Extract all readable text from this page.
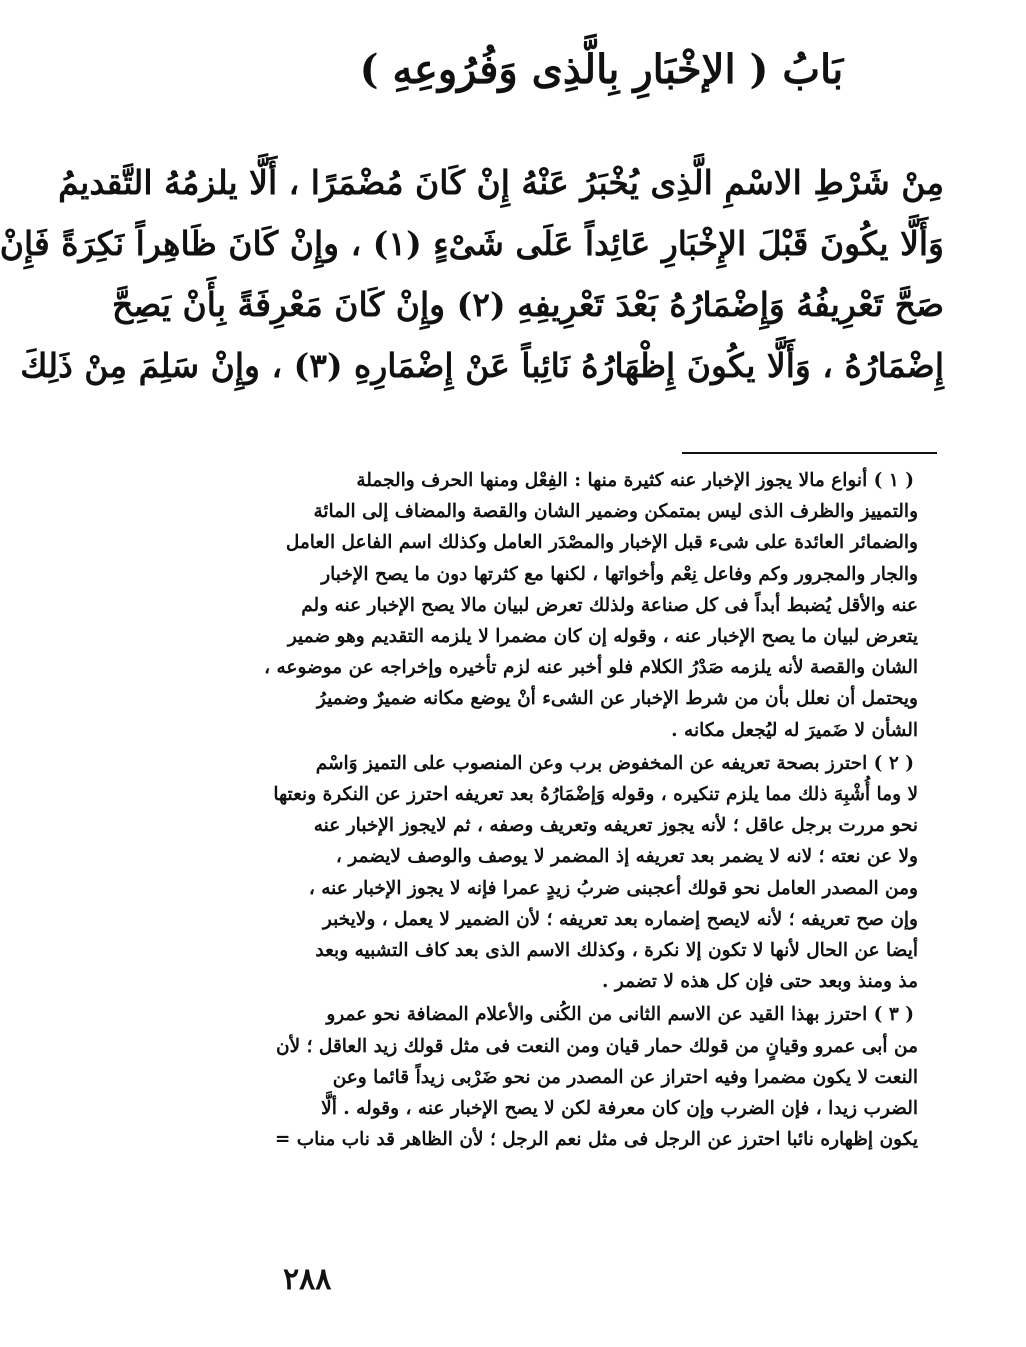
بَابُ ( الإخْبَارِ بِالَّذِى وَفُرُوعِهِ )
مِنْ شَرْطِ الاسْمِ الَّذِى يُخْبَرُ عَنْهُ إِنْ كَانَ مُضْمَرًا ، أَلَّا يلزمُهُ التَّقديمُ
وَأَلَّا يكُونَ قَبْلَ الإِخْبَارِ عَائِداً عَلَى شَىْءٍ (١) ، وإِنْ كَانَ ظَاهِراً نَكِرَةً فَإِنْ
صَحَّ تَعْرِيفُهُ وَإِضْمَارُهُ بَعْدَ تَعْرِيفِهِ (٢) وإِنْ كَانَ مَعْرِفَةً بِأَنْ يَصِحَّ
إِضْمَارُهُ ، وَأَلَّا يكُونَ إِظْهَارُهُ نَائِباً عَنْ إِضْمَارِهِ (٣) ، وإِنْ سَلِمَ مِنْ ذَلِكَ
( ١ ) أنواع مالا يجوز الإخبار عنه كثيرة منها : الفِعْل ومنها الحرف والجملة
والتمييز والظرف الذى ليس بمتمكن وضمير الشان والقصة والمضاف إلى المائة
والضمائر العائدة على شىء قبل الإخبار والمصْدَر العامل وكذلك اسم الفاعل العامل
والجار والمجرور وكم وفاعل نِعْم وأخواتها ، لكنها مع كثرتها دون ما يصح الإخبار
عنه والأقل يُضبط أبداً فى كل صناعة ولذلك تعرض لبيان مالا يصح الإخبار عنه ولم
يتعرض لبيان ما يصح الإخبار عنه ، وقوله إن كان مضمرا لا يلزمه التقديم وهو ضمير
الشان والقصة لأنه يلزمه صَدْرُ الكلام فلو أخبر عنه لزم تأخيره وإخراجه عن موضوعه ،
ويحتمل أن نعلل بأن من شرط الإخبار عن الشىء أنْ يوضع مكانه ضميرٌ وضميرُ
الشأن لا ضَميرَ له ليُجعل مكانه .
( ٢ ) احترز بصحة تعريفه عن المخفوض برب وعن المنصوب على التميز وَاسْم
لا وما أُشْبِهَ ذلك مما يلزم تنكيره ، وقوله وَإضْمَارُهُ بعد تعريفه احترز عن النكرة ونعتها
نحو مررت برجل عاقل ؛ لأنه يجوز تعريفه وتعريف وصفه ، ثم لايجوز الإخبار عنه
ولا عن نعته ؛ لانه لا يضمر بعد تعريفه إذ المضمر لا يوصف والوصف لايضمر ،
ومن المصدر العامل نحو قولك أعجبنى ضربُ زيدٍ عمرا فإنه لا يجوز الإخبار عنه ،
وإن صح تعريفه ؛ لأنه لايصح إضماره بعد تعريفه ؛ لأن الضمير لا يعمل ، ولايخبر
أيضا عن الحال لأنها لا تكون إلا نكرة ، وكذلك الاسم الذى بعد كاف التشبيه وبعد
مذ ومنذ وبعد حتى فإن كل هذه لا تضمر .
( ٣ ) احترز بهذا القيد عن الاسم الثانى من الكُنى والأعلام المضافة نحو عمرو
من أبى عمرو وقيانٍ من قولك حمار قيان ومن النعت فى مثل قولك زيد العاقل ؛ لأن
النعت لا يكون مضمرا وفيه احتراز عن المصدر من نحو ضَرْبى زيداً قائما وعن
الضرب زيدا ، فإن الضرب وإن كان معرفة لكن لا يصح الإخبار عنه ، وقوله . ألَّا
يكون إظهاره نائبا احترز عن الرجل فى مثل نعم الرجل ؛ لأن الظاهر قد ناب مناب =
٢٨٨
